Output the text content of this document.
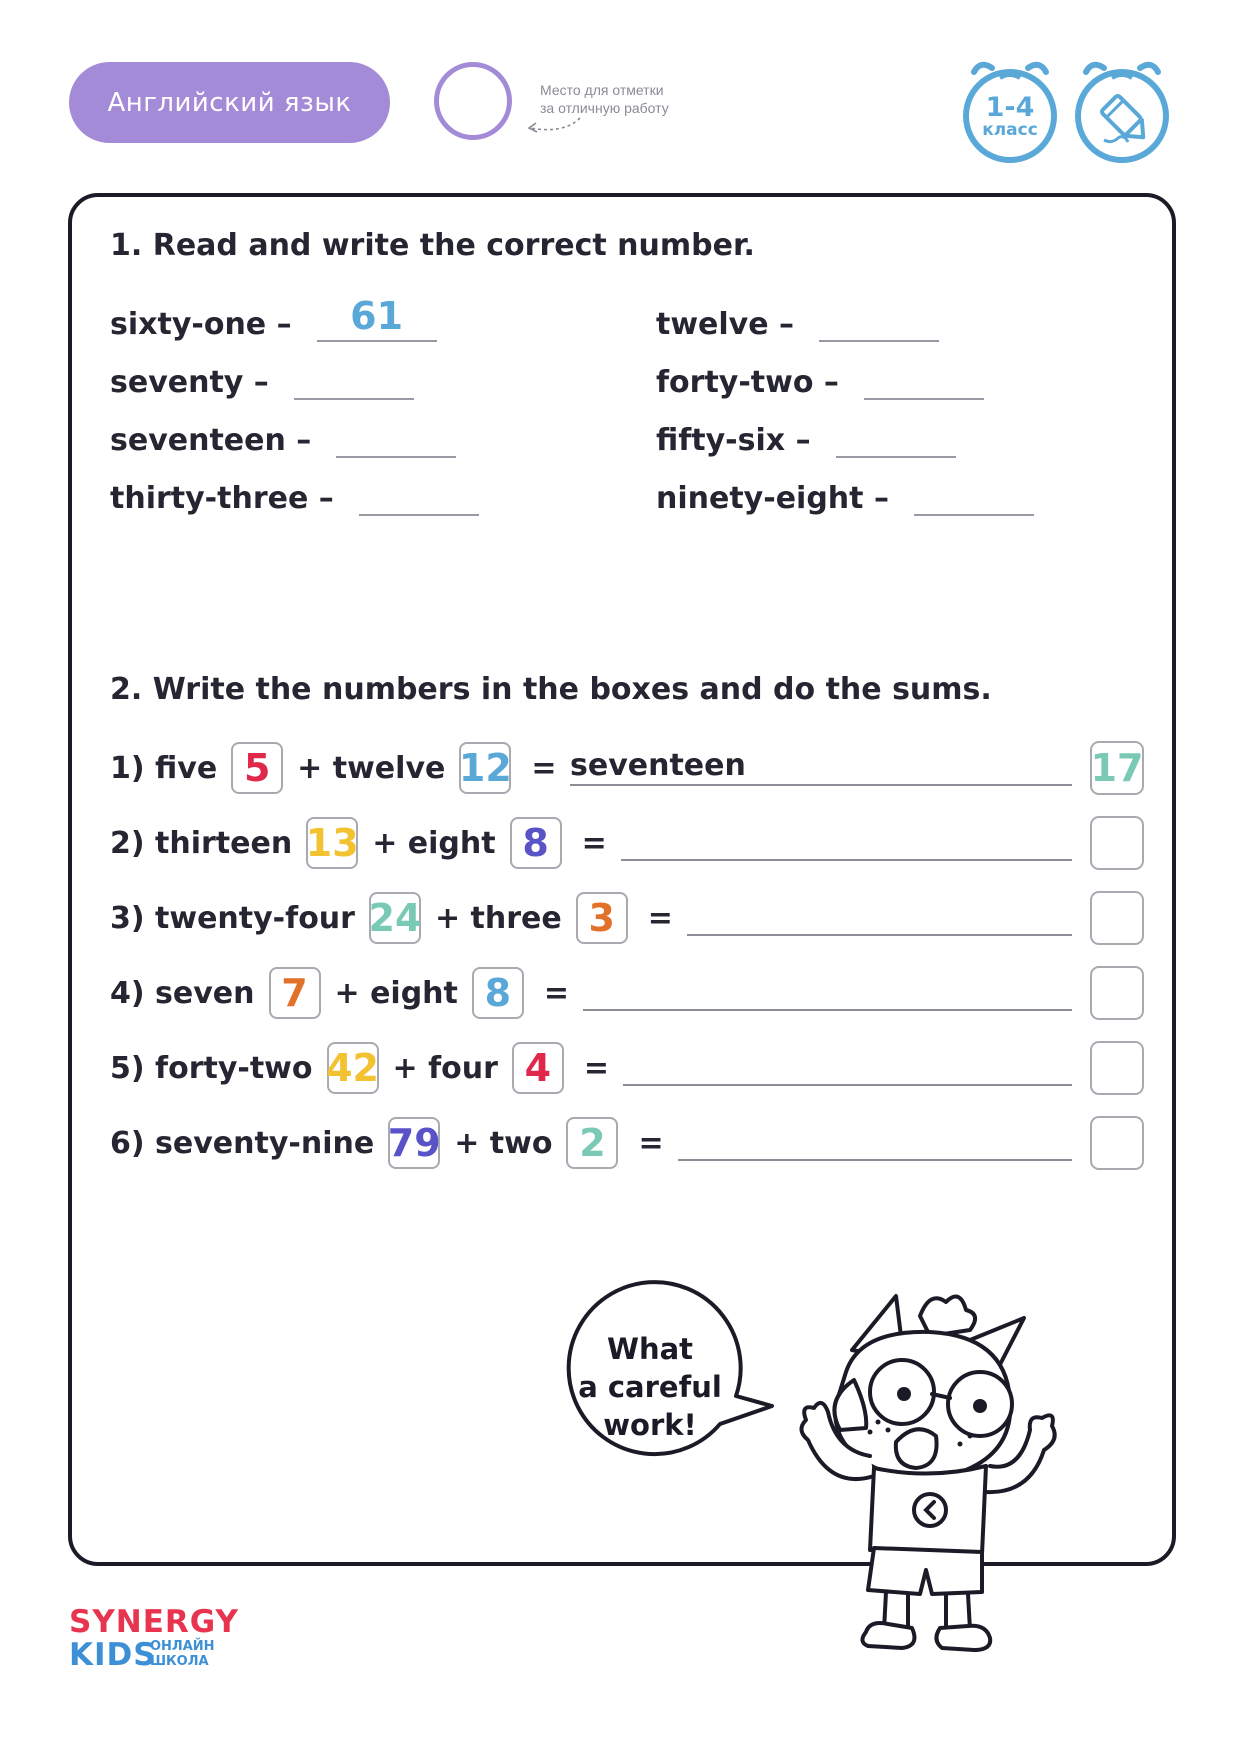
Английский язык	Место для отметки
за отличную работу	1-4
класс
1. Read and write the correct number.
sixty-one –	61
seventy –
seventeen –
thirty-three –
twelve –
forty-two –
fifty-six –
ninety-eight –
2. Write the numbers in the boxes and do the sums.
1) five 5 + twelve 12 = seventeen	17
2) thirteen 13 + eight 8	=
3) twenty-four 24 + three 3	=
4) seven 7 + eight 8	=
5) forty-two 42 + four 4	=
6) seventy-nine 79 + two 2	=
What
a careful
work!
SYNERGY
KIDS
ОНЛАЙН
ШКОЛА
